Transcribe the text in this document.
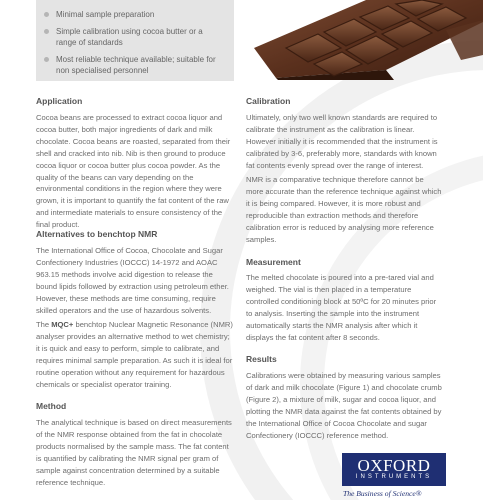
Minimal sample preparation
Simple calibration using cocoa butter or a range of standards
Most reliable technique available; suitable for non specialised personnel
Application
Cocoa beans are processed to extract cocoa liquor and cocoa butter, both major ingredients of dark and milk chocolate. Cocoa beans are roasted, separated from their shell and cracked into nib. Nib is then ground to produce cocoa liquor or cocoa butter plus cocoa powder. As the quality of the beans can vary depending on the environmental conditions in the region where they were grown, it is important to quantify the fat content of the raw and intermediate materials to ensure consistency of the final product.
Alternatives to benchtop NMR
The International Office of Cocoa, Chocolate and Sugar Confectionery Industries (IOCCC) 14-1972 and AOAC 963.15 methods involve acid digestion to release the bound lipids followed by extraction using petroleum ether. However, these methods are time consuming, require skilled operators and the use of hazardous solvents.
The MQC+ benchtop Nuclear Magnetic Resonance (NMR) analyser provides an alternative method to wet chemistry; it is quick and easy to perform, simple to calibrate, and requires minimal sample preparation. As such it is ideal for routine operation without any requirement for hazardous chemicals or specialist operator training.
Method
The analytical technique is based on direct measurements of the NMR response obtained from the fat in chocolate products normalised by the sample mass. The fat content is quantified by calibrating the NMR signal per gram of sample against concentration determined by a suitable reference technique.
Calibration
Ultimately, only two well known standards are required to calibrate the instrument as the calibration is linear. However initially it is recommended that the instrument is calibrated by 3-6, preferably more, standards with known fat contents evenly spread over the range of interest.
NMR is a comparative technique therefore cannot be more accurate than the reference technique against which it is being compared. However, it is more robust and reproducible than extraction methods and therefore calibration error is reduced by analysing more reference samples.
Measurement
The melted chocolate is poured into a pre-tared vial and weighed. The vial is then placed in a temperature controlled conditioning block at 50ºC for 20 minutes prior to analysis. Inserting the sample into the instrument automatically starts the NMR analysis after which it displays the fat content after 8 seconds.
Results
Calibrations were obtained by measuring various samples of dark and milk chocolate (Figure 1) and chocolate crumb (Figure 2), a mixture of milk, sugar and cocoa liquor, and plotting the NMR data against the fat contents obtained by the International Office of Cocoa Chocolate and sugar Confectionery (IOCCC) reference method.
OXFORD
INSTRUMENTS
The Business of Science®
